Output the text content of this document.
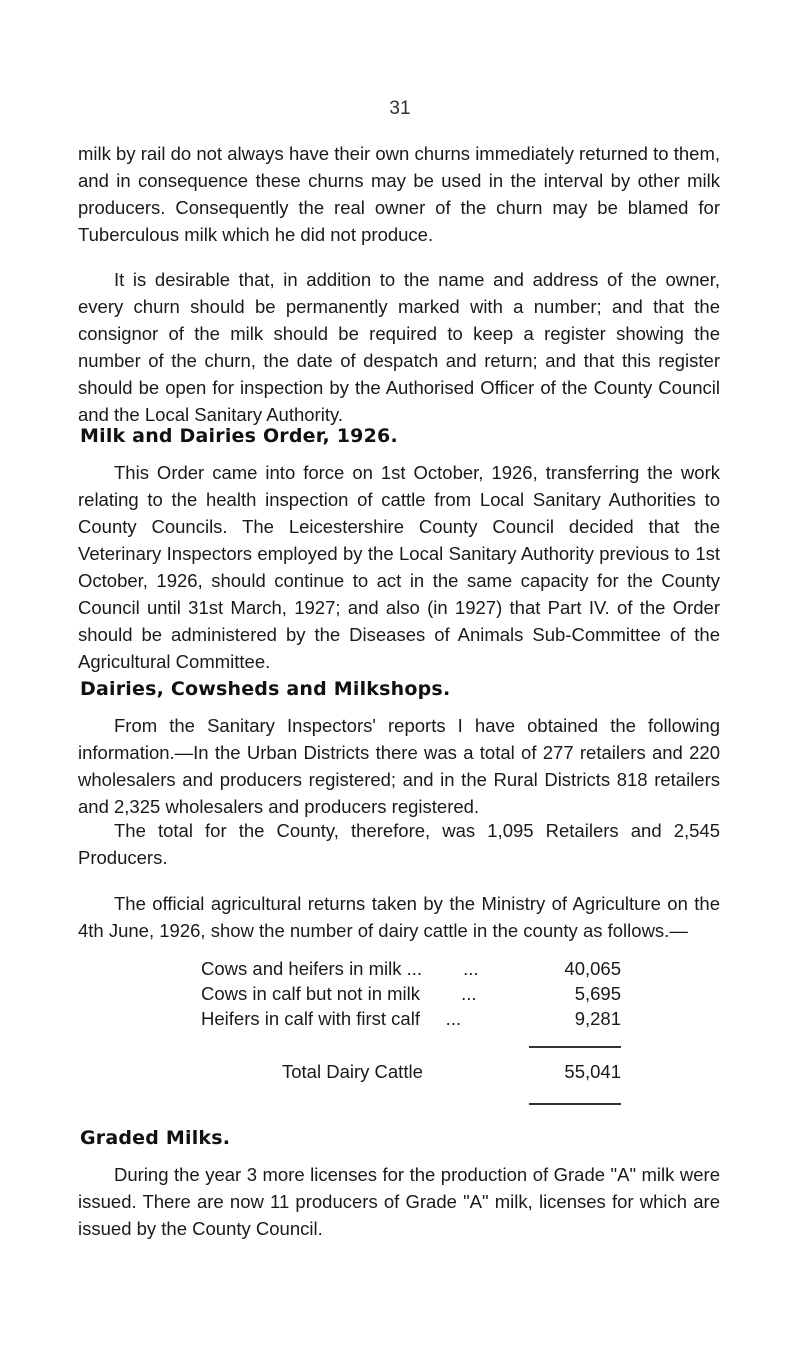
31

milk by rail do not always have their own churns immediately returned to them, and in consequence these churns may be used in the interval by other milk producers. Consequently the real owner of the churn may be blamed for Tuberculous milk which he did not produce.

It is desirable that, in addition to the name and address of the owner, every churn should be permanently marked with a number; and that the consignor of the milk should be required to keep a register showing the number of the churn, the date of despatch and return; and that this register should be open for inspection by the Authorised Officer of the County Council and the Local Sanitary Authority.

Milk and Dairies Order, 1926.

This Order came into force on 1st October, 1926, transferring the work relating to the health inspection of cattle from Local Sanitary Authorities to County Councils. The Leicestershire County Council decided that the Veterinary Inspectors employed by the Local Sanitary Authority previous to 1st October, 1926, should continue to act in the same capacity for the County Council until 31st March, 1927; and also (in 1927) that Part IV. of the Order should be administered by the Diseases of Animals Sub-Committee of the Agricultural Committee.

Dairies, Cowsheds and Milkshops.

From the Sanitary Inspectors' reports I have obtained the following information.—In the Urban Districts there was a total of 277 retailers and 220 wholesalers and producers registered; and in the Rural Districts 818 retailers and 2,325 wholesalers and producers registered.

The total for the County, therefore, was 1,095 Retailers and 2,545 Producers.

The official agricultural returns taken by the Ministry of Agriculture on the 4th June, 1926, show the number of dairy cattle in the county as follows.—

Cows and heifers in milk ...        ...	40,065
Cows in calf but not in milk        ...	5,695
Heifers in calf with first calf     ...	9,281
Total Dairy Cattle	55,041
Graded Milks.

During the year 3 more licenses for the production of Grade "A" milk were issued. There are now 11 producers of Grade "A" milk, licenses for which are issued by the County Council.
